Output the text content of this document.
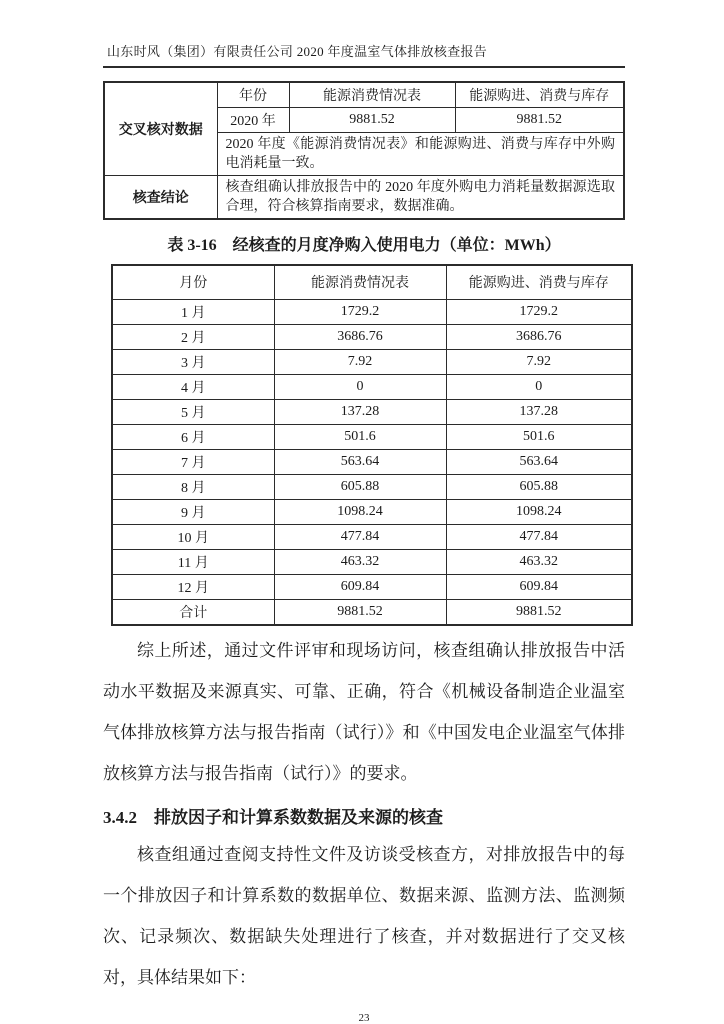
山东时风（集团）有限责任公司 2020 年度温室气体排放核查报告
交叉核对数据	年份	能源消费情况表	能源购进、消费与库存
	2020 年	9881.52	9881.52
	2020 年度《能源消费情况表》和能源购进、消费与库存中外购电消耗量一致。		
核查结论	核查组确认排放报告中的 2020 年度外购电力消耗量数据源选取合理，符合核算指南要求，数据准确。		
表 3-16　经核查的月度净购入使用电力（单位：MWh）
月份	能源消费情况表	能源购进、消费与库存
1 月	1729.2	1729.2
2 月	3686.76	3686.76
3 月	7.92	7.92
4 月	0	0
5 月	137.28	137.28
6 月	501.6	501.6
7 月	563.64	563.64
8 月	605.88	605.88
9 月	1098.24	1098.24
10 月	477.84	477.84
11 月	463.32	463.32
12 月	609.84	609.84
合计	9881.52	9881.52

综上所述，通过文件评审和现场访问，核查组确认排放报告中活动水平数据及来源真实、可靠、正确，符合《机械设备制造企业温室气体排放核算方法与报告指南（试行）》和《中国发电企业温室气体排放核算方法与报告指南（试行）》的要求。

3.4.2　排放因子和计算系数数据及来源的核查

核查组通过查阅支持性文件及访谈受核查方，对排放报告中的每一个排放因子和计算系数的数据单位、数据来源、监测方法、监测频次、记录频次、数据缺失处理进行了核查，并对数据进行了交叉核对，具体结果如下：

23
